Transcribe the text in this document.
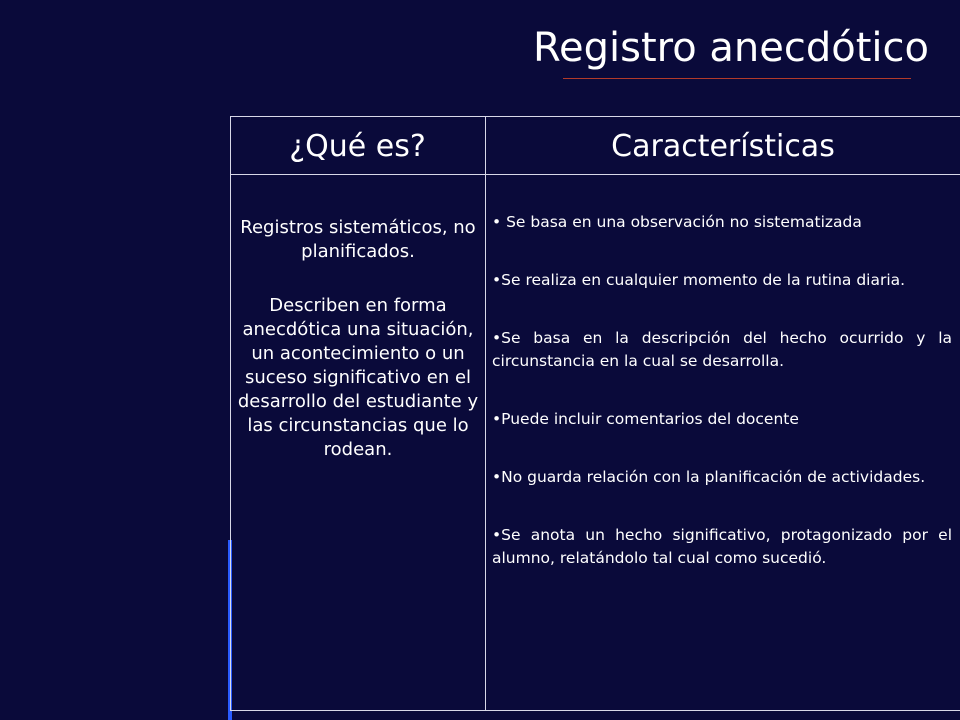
Registro anecdótico
¿Qué es?	Características

Registros sistemáticos, no planificados.

Describen en forma anecdótica una situación, un acontecimiento o un suceso significativo en el desarrollo del estudiante y las circunstancias que lo rodean.

• Se basa en una observación no sistematizada

•Se realiza en cualquier momento de la rutina diaria.

•Se basa en la descripción del hecho ocurrido y la circunstancia en la cual se desarrolla.

•Puede incluir comentarios del docente

•No guarda relación con la planificación de actividades.

•Se anota un hecho significativo, protagonizado por el alumno, relatándolo tal cual como sucedió.
